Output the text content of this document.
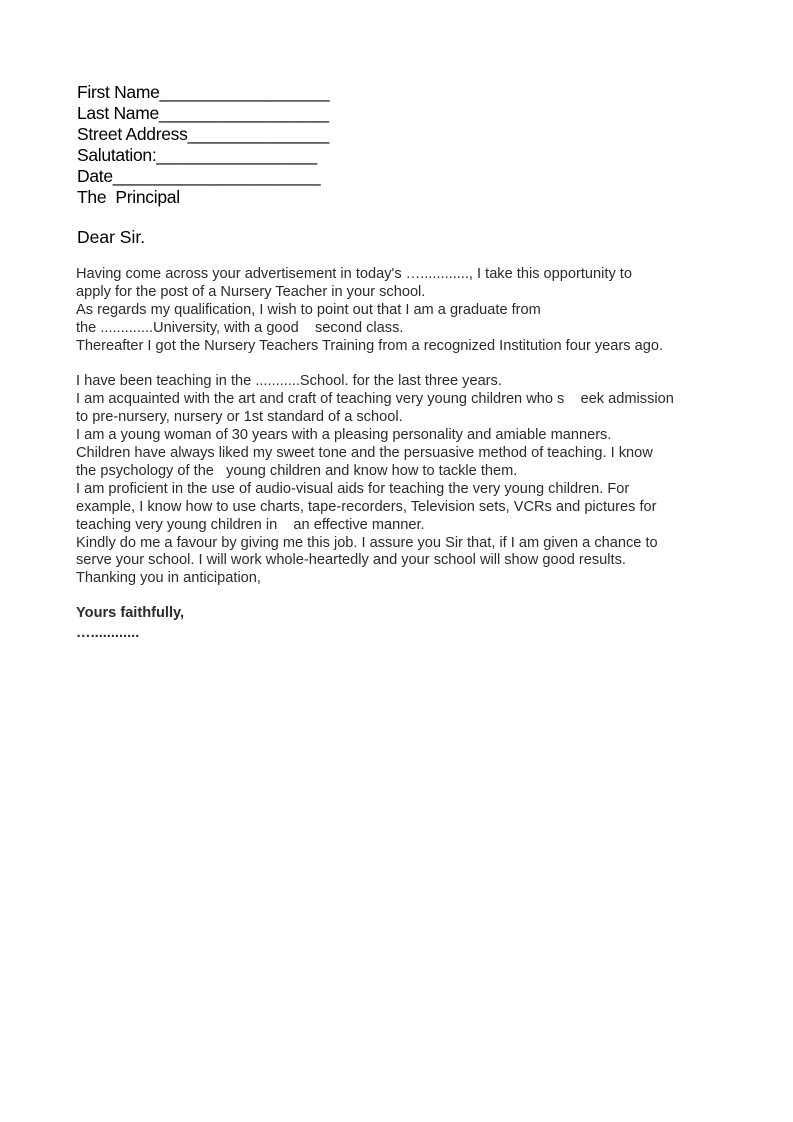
First Name__________________
Last Name__________________
Street Address_______________
Salutation:_________________
Date______________________
The  Principal
Dear Sir.
Having come across your advertisement in today's …............, I take this opportunity to
apply for the post of a Nursery Teacher in your school.
As regards my qualification, I wish to point out that I am a graduate from
the .............University, with a good    second class.
Thereafter I got the Nursery Teachers Training from a recognized Institution four years ago.
I have been teaching in the ...........School. for the last three years.
I am acquainted with the art and craft of teaching very young children who s    eek admission
to pre-nursery, nursery or 1st standard of a school.
I am a young woman of 30 years with a pleasing personality and amiable manners.
Children have always liked my sweet tone and the persuasive method of teaching. I know
the psychology of the   young children and know how to tackle them.
I am proficient in the use of audio-visual aids for teaching the very young children. For
example, I know how to use charts, tape-recorders, Television sets, VCRs and pictures for
teaching very young children in    an effective manner.
Kindly do me a favour by giving me this job. I assure you Sir that, if I am given a chance to
serve your school. I will work whole-heartedly and your school will show good results.
Thanking you in anticipation,
Yours faithfully,
…............
